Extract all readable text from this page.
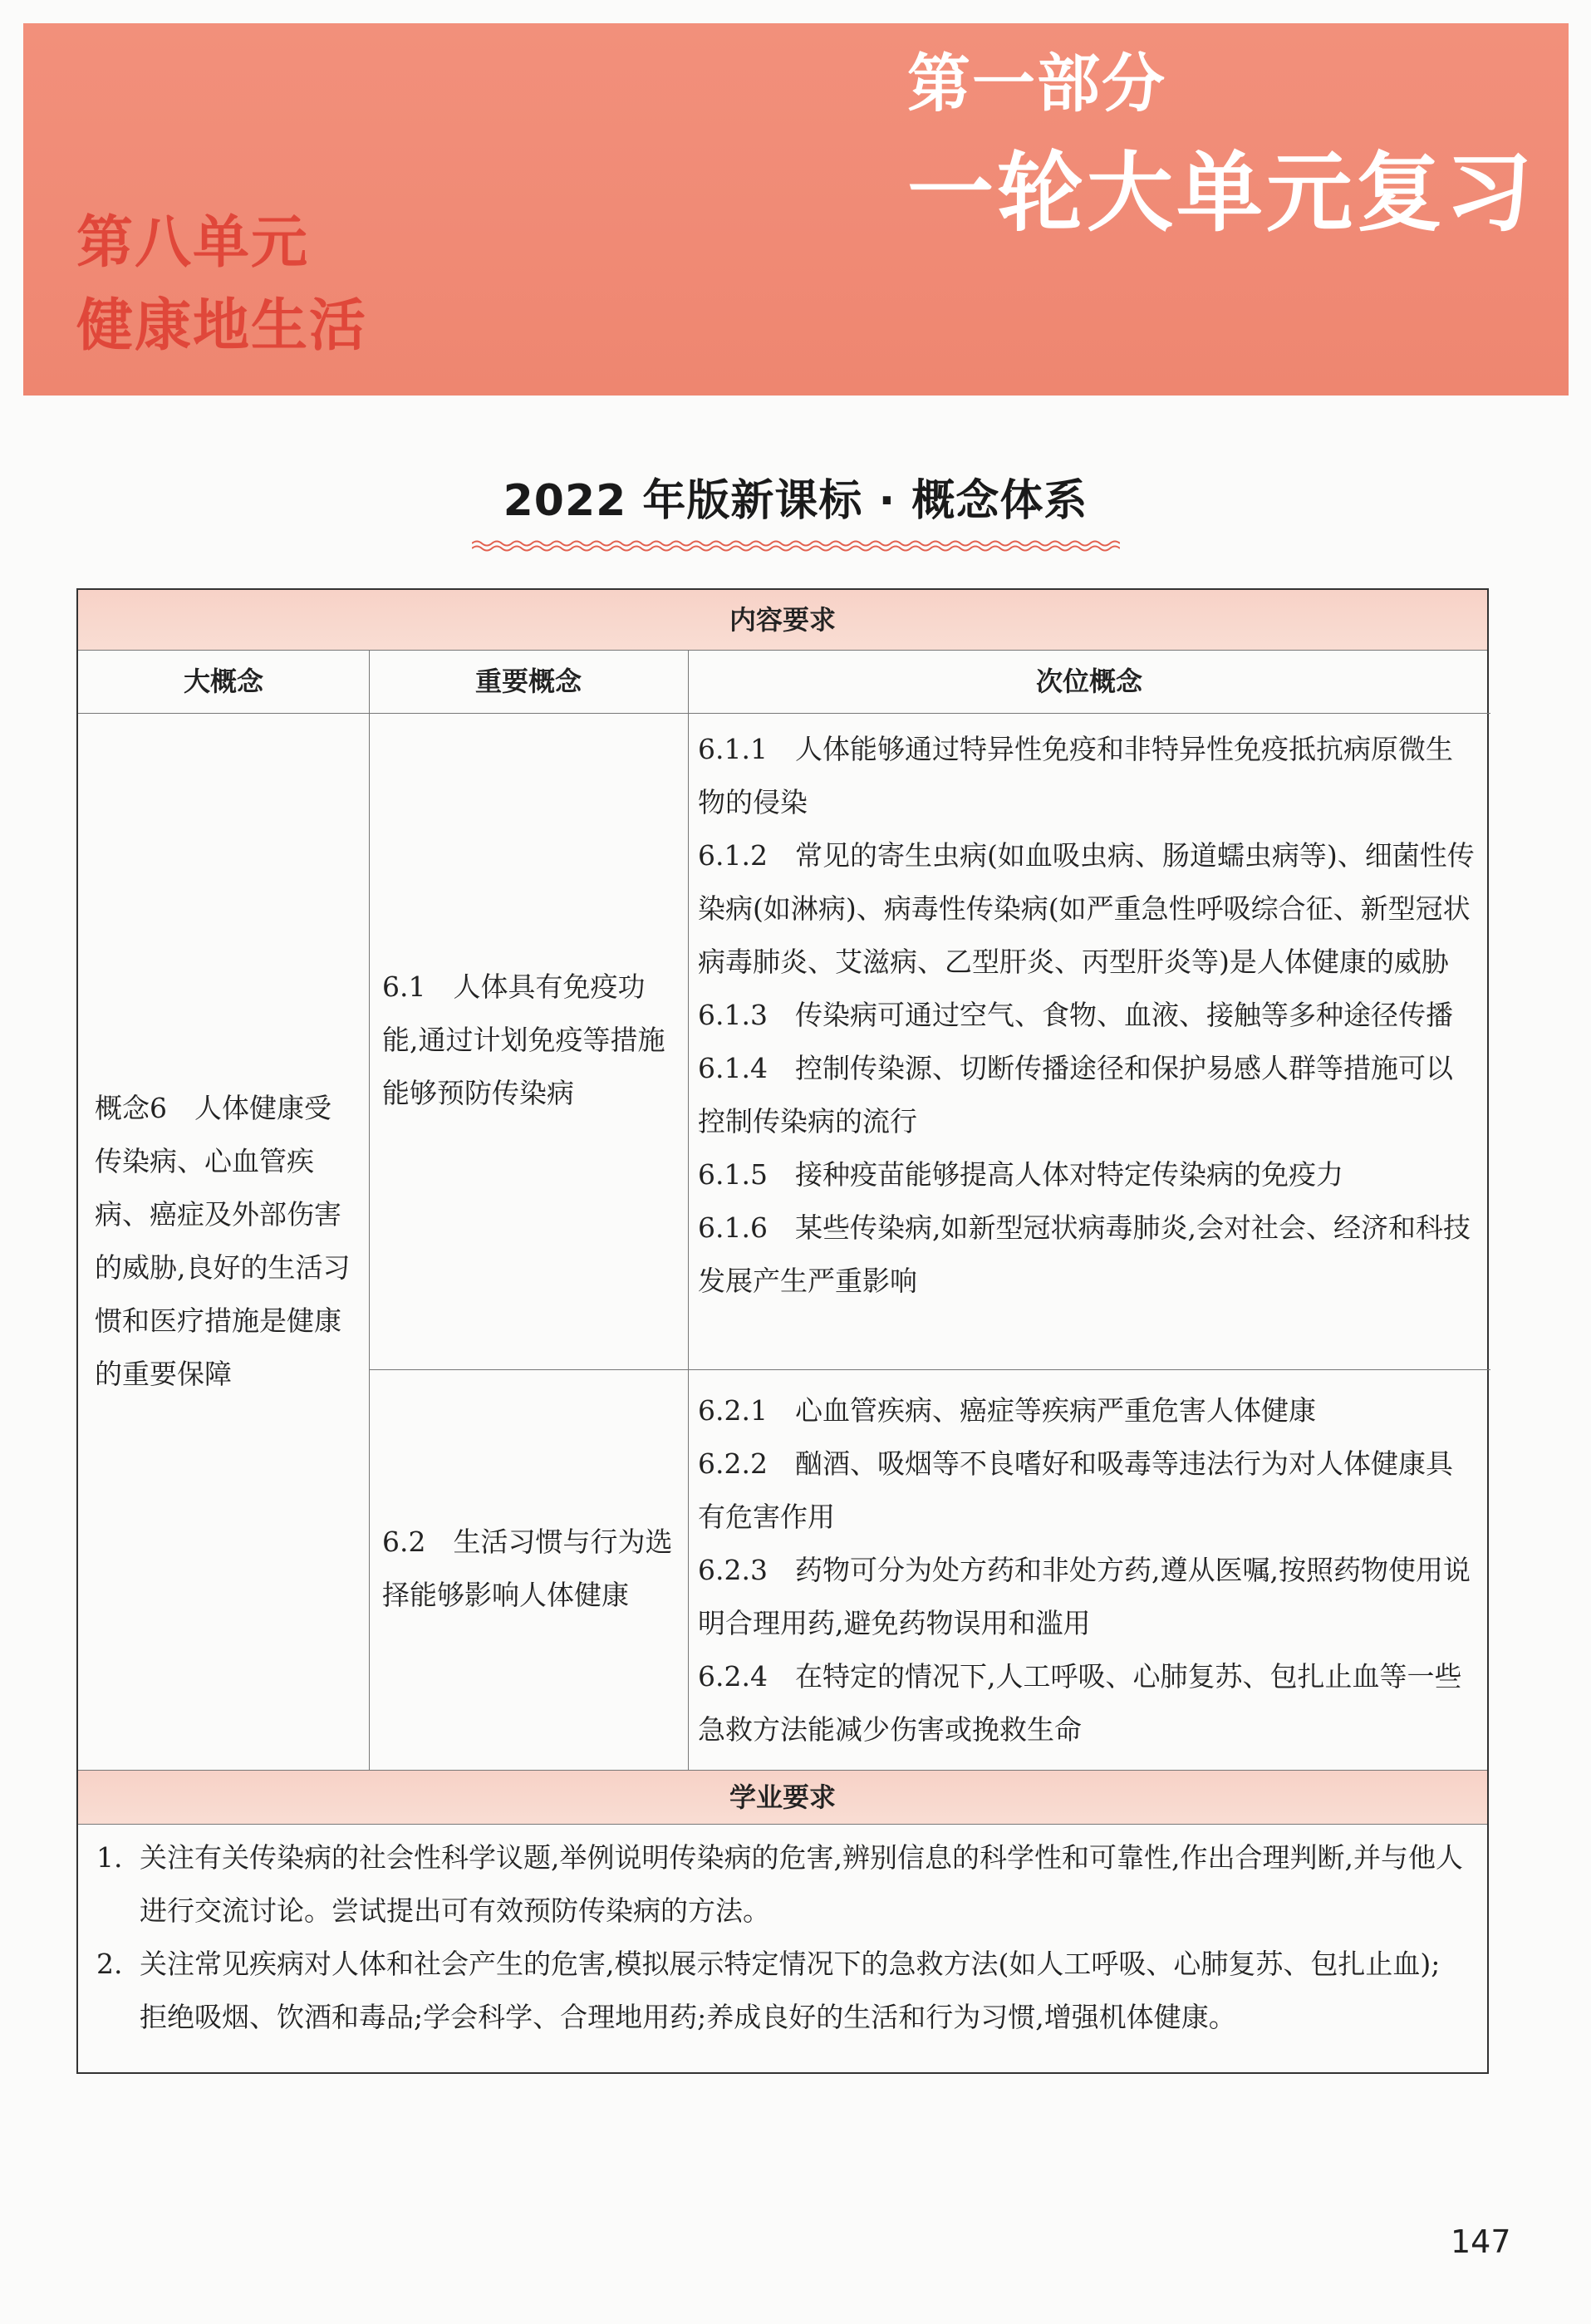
第一部分
一轮大单元复习
第八单元
健康地生活
2022 年版新课标 · 概念体系
内容要求
大概念	重要概念	次位概念
概念6　人体健康受传染病、心血管疾病、癌症及外部伤害的威胁,良好的生活习惯和医疗措施是健康的重要保障
6.1　人体具有免疫功能,通过计划免疫等措施能够预防传染病
6.2　生活习惯与行为选择能够影响人体健康

6.1.1　人体能够通过特异性免疫和非特异性免疫抵抗病原微生物的侵染

6.1.2　常见的寄生虫病(如血吸虫病、肠道蠕虫病等)、细菌性传染病(如淋病)、病毒性传染病(如严重急性呼吸综合征、新型冠状病毒肺炎、艾滋病、乙型肝炎、丙型肝炎等)是人体健康的威胁

6.1.3　传染病可通过空气、食物、血液、接触等多种途径传播

6.1.4　控制传染源、切断传播途径和保护易感人群等措施可以控制传染病的流行

6.1.5　接种疫苗能够提高人体对特定传染病的免疫力

6.1.6　某些传染病,如新型冠状病毒肺炎,会对社会、经济和科技发展产生严重影响

6.2.1　心血管疾病、癌症等疾病严重危害人体健康

6.2.2　酗酒、吸烟等不良嗜好和吸毒等违法行为对人体健康具有危害作用

6.2.3　药物可分为处方药和非处方药,遵从医嘱,按照药物使用说明合理用药,避免药物误用和滥用

6.2.4　在特定的情况下,人工呼吸、心肺复苏、包扎止血等一些急救方法能减少伤害或挽救生命

学业要求
1. 关注有关传染病的社会性科学议题,举例说明传染病的危害,辨别信息的科学性和可靠性,作出合理判断,并与他人进行交流讨论。尝试提出可有效预防传染病的方法。
2. 关注常见疾病对人体和社会产生的危害,模拟展示特定情况下的急救方法(如人工呼吸、心肺复苏、包扎止血);拒绝吸烟、饮酒和毒品;学会科学、合理地用药;养成良好的生活和行为习惯,增强机体健康。
147
